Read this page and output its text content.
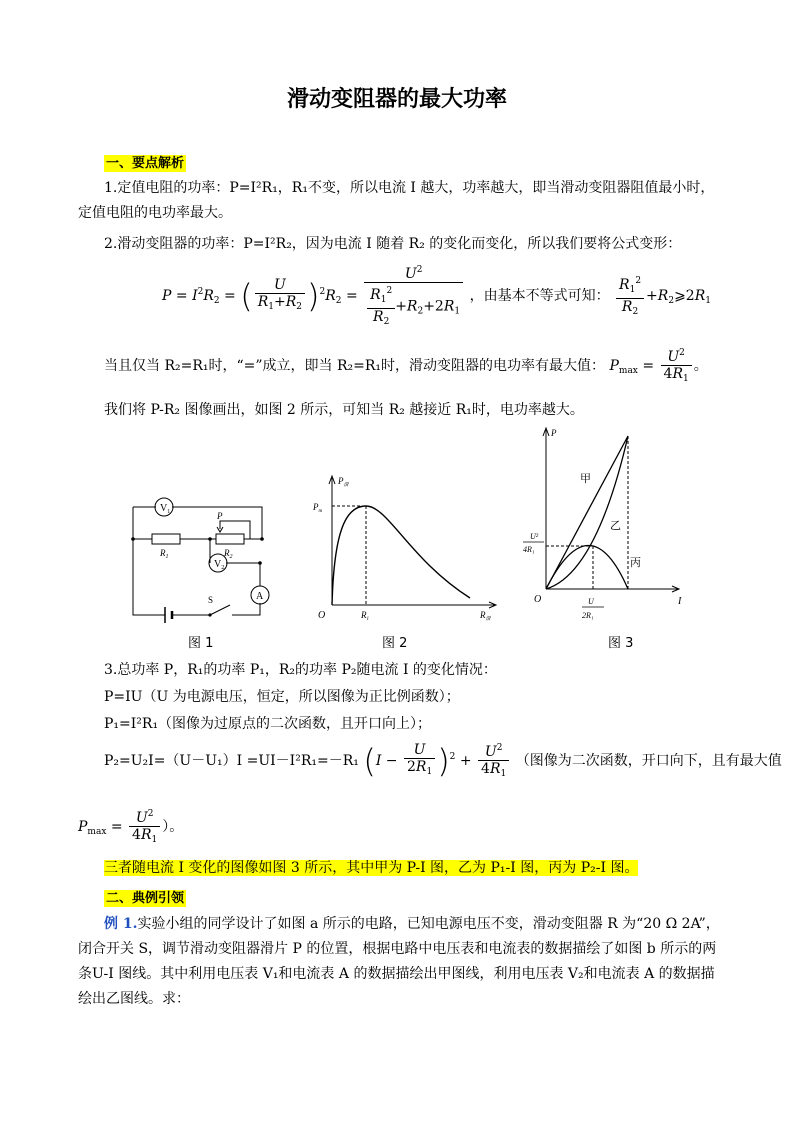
滑动变阻器的最大功率
一、要点解析
1.定值电阻的功率：P=I²R₁，R₁不变，所以电流 I 越大，功率越大，即当滑动变阻器阻值最小时，定值电阻的电功率最大。
2.滑动变阻器的功率：P=I²R₂，因为电流 I 随着 R₂ 的变化而变化，所以我们要将公式变形：
$P = I^2R_2$ = ( $\frac{U}{R_1+R_2} )^2R_2 = \frac{U^2}{\frac{R_1^2}{R_2} +R_2+2R_1}$ ，由基本不等式可知： $\frac{R_1^2}{R_2}$ $+R_2⩾2R_1$
当且仅当 R₂=R₁时，“=”成立，即当 R₂=R₁时，滑动变阻器的电功率有最大值： $P_{max} = \frac{U^2}{4R_1}$ 。
我们将 P-R₂ 图像画出，如图 2 所示，可知当 R₂ 越接近 R₁时，电功率越大。
$V_1$
$V_2$
A
$R_1$	$R_2$
P
S
图 1
$P_滑$
$P_m$
O	$R_1$	$R_滑$
图 2
P
O	I
甲
乙
丙
U²
4R₁
U
2R₁
图 3
3.总功率 P，R₁的功率 P₁，R₂的功率 P₂随电流 I 的变化情况：
P=IU（U 为电源电压，恒定，所以图像为正比例函数）；
P₁=I²R₁（图像为过原点的二次函数，且开口向上）；
P₂=U₂I=（U－U₁）I =UI－I²R₁=－R₁ $(I - \frac{U}{2R_1} )^2 + \frac{U^2}{4R_1}$ （图像为二次函数，开口向下，且有最大值
$P_{max} = \frac{U^2}{4R_1}$ ）。
三者随电流 I 变化的图像如图 3 所示，其中甲为 P-I 图，乙为 P₁-I 图，丙为 P₂-I 图。
二、典例引领
例 1.实验小组的同学设计了如图 a 所示的电路，已知电源电压不变，滑动变阻器 R 为“20 Ω 2A”，闭合开关 S，调节滑动变阻器滑片 P 的位置，根据电路中电压表和电流表的数据描绘了如图 b 所示的两条U-I 图线。其中利用电压表 V₁和电流表 A 的数据描绘出甲图线，利用电压表 V₂和电流表 A 的数据描绘出乙图线。求：
